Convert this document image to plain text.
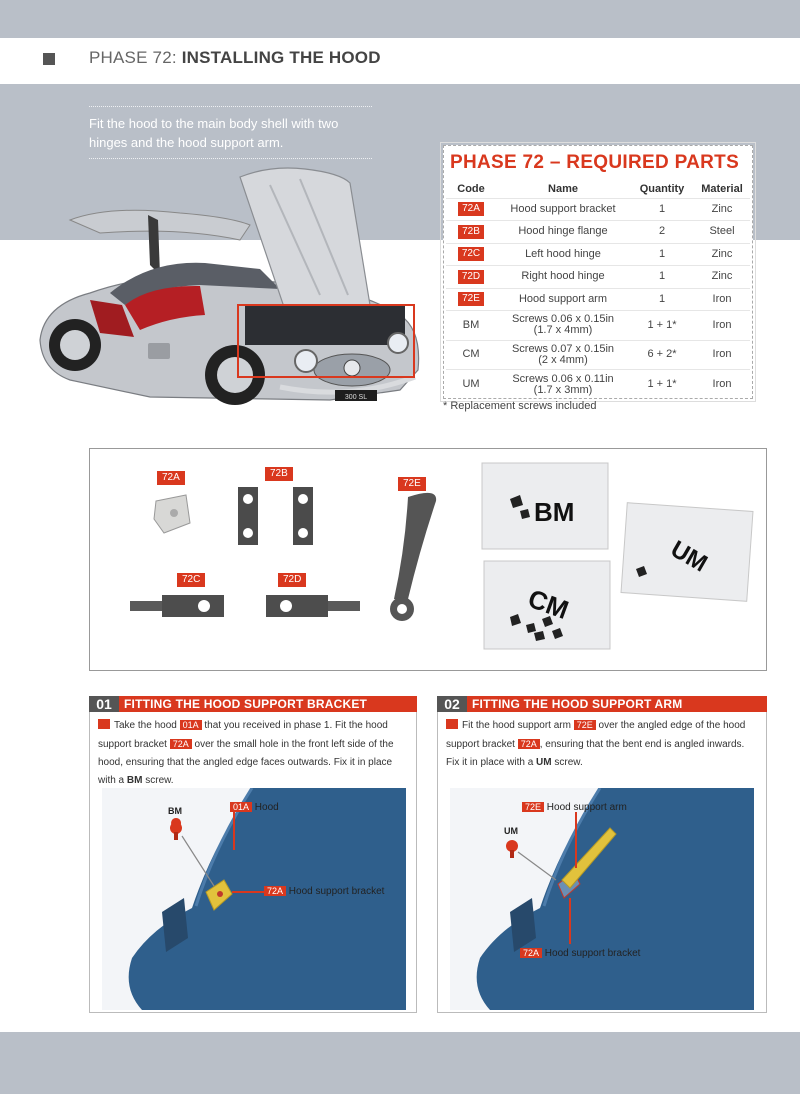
PHASE 72: INSTALLING THE HOOD
Fit the hood to the main body shell with two hinges and the hood support arm.
300 SL
PHASE 72 – REQUIRED PARTS
Code	Name	Quantity	Material
72A	Hood support bracket	1	Zinc
72B	Hood hinge flange	2	Steel
72C	Left hood hinge	1	Zinc
72D	Right hood hinge	1	Zinc
72E	Hood support arm	1	Iron
BM	Screws 0.06 x 0.15in
(1.7 x 4mm)	1 + 1*	Iron
CM	Screws 0.07 x 0.15in
(2 x 4mm)	6 + 2*	Iron
UM	Screws 0.06 x 0.11in
(1.7 x 3mm)	1 + 1*	Iron
* Replacement screws included
72A	72B
72E
72C	72D
BM
CM
UM
01	FITTING THE HOOD SUPPORT BRACKET
Take the hood 01A that you received in phase 1. Fit the hood support bracket 72A over the small hole in the front left side of the hood, ensuring that the angled edge faces outwards. Fix it in place with a BM screw.
01A Hood
72A Hood support bracket
BM
02	FITTING THE HOOD SUPPORT ARM
Fit the hood support arm 72E over the angled edge of the hood support bracket 72A , ensuring that the bent end is angled inwards. Fix it in place with a UM screw.
72E Hood support arm
72A Hood support bracket
UM
